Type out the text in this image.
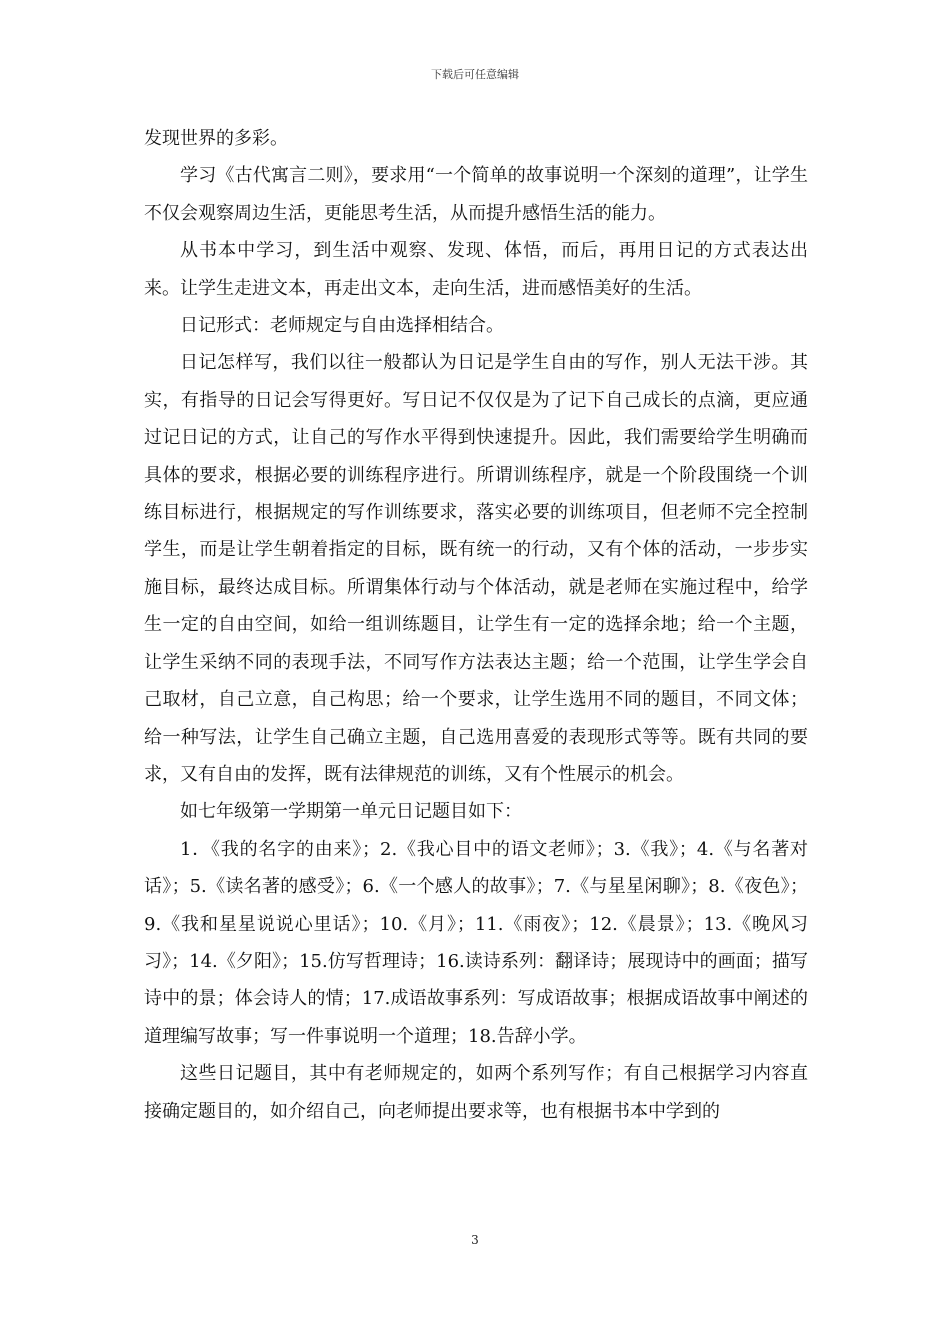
下载后可任意编辑

发现世界的多彩。

学习《古代寓言二则》，要求用“一个简单的故事说明一个深刻的道理”，让学生不仅会观察周边生活，更能思考生活，从而提升感悟生活的能力。

从书本中学习，到生活中观察、发现、体悟，而后，再用日记的方式表达出来。让学生走进文本，再走出文本，走向生活，进而感悟美好的生活。

日记形式：老师规定与自由选择相结合。

日记怎样写，我们以往一般都认为日记是学生自由的写作，别人无法干涉。其实，有指导的日记会写得更好。写日记不仅仅是为了记下自己成长的点滴，更应通过记日记的方式，让自己的写作水平得到快速提升。因此，我们需要给学生明确而具体的要求，根据必要的训练程序进行。所谓训练程序，就是一个阶段围绕一个训练目标进行，根据规定的写作训练要求，落实必要的训练项目，但老师不完全控制学生，而是让学生朝着指定的目标，既有统一的行动，又有个体的活动，一步步实施目标，最终达成目标。所谓集体行动与个体活动，就是老师在实施过程中，给学生一定的自由空间，如给一组训练题目，让学生有一定的选择余地；给一个主题，让学生采纳不同的表现手法，不同写作方法表达主题；给一个范围，让学生学会自己取材，自己立意，自己构思；给一个要求，让学生选用不同的题目，不同文体；给一种写法，让学生自己确立主题，自己选用喜爱的表现形式等等。既有共同的要求，又有自由的发挥，既有法律规范的训练，又有个性展示的机会。

如七年级第一学期第一单元日记题目如下：

1．《我的名字的由来》；2.《我心目中的语文老师》；3.《我》；4.《与名著对话》；5.《读名著的感受》；6.《一个感人的故事》；7.《与星星闲聊》；8.《夜色》；9.《我和星星说说心里话》；10.《月》；11.《雨夜》；12.《晨景》；13.《晚风习习》；14.《夕阳》；15.仿写哲理诗；16.读诗系列：翻译诗；展现诗中的画面；描写诗中的景；体会诗人的情；17.成语故事系列：写成语故事；根据成语故事中阐述的道理编写故事；写一件事说明一个道理；18.告辞小学。

这些日记题目，其中有老师规定的，如两个系列写作；有自己根据学习内容直接确定题目的，如介绍自己，向老师提出要求等，也有根据书本中学到的

3
